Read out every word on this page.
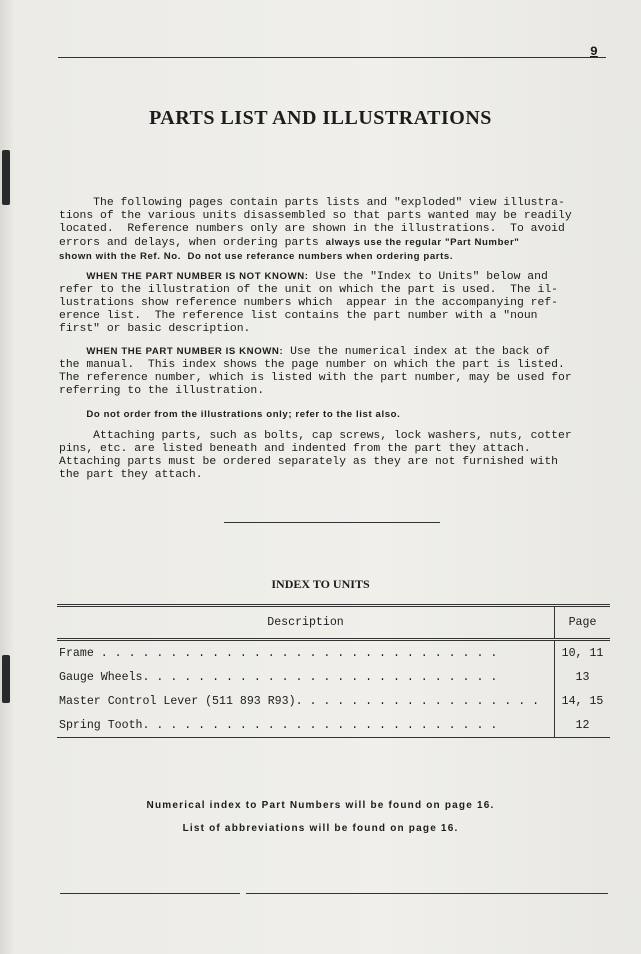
9
PARTS LIST AND ILLUSTRATIONS

The following pages contain parts lists and "exploded" view illustra-
tions of the various units disassembled so that parts wanted may be readily
located.  Reference numbers only are shown in the illustrations.  To avoid
errors and delays, when ordering parts always use the regular "Part Number"
shown with the Ref. No.  Do not use referance numbers when ordering parts.

WHEN THE PART NUMBER IS NOT KNOWN: Use the "Index to Units" below and
refer to the illustration of the unit on which the part is used.  The il-
lustrations show reference numbers which  appear in the accompanying ref-
erence list.  The reference list contains the part number with a "noun
first" or basic description.

WHEN THE PART NUMBER IS KNOWN: Use the numerical index at the back of
the manual.  This index shows the page number on which the part is listed.
The reference number, which is listed with the part number, may be used for
referring to the illustration.

Do not order from the illustrations only; refer to the list also.

Attaching parts, such as bolts, cap screws, lock washers, nuts, cotter
pins, etc. are listed beneath and indented from the part they attach.
Attaching parts must be ordered separately as they are not furnished with
the part they attach.

INDEX TO UNITS
Description	Page
Frame . . . . . . . . . . . . . . . . . . . . . . . . . . . . .	10, 11
Gauge Wheels. . . . . . . . . . . . . . . . . . . . . . . . . .	13
Master Control Lever (511 893 R93). . . . . . . . . . . . . . . . . .	14, 15
Spring Tooth. . . . . . . . . . . . . . . . . . . . . . . . . .	12
Numerical index to Part Numbers will be found on page 16.
List of abbreviations will be found on page 16.
